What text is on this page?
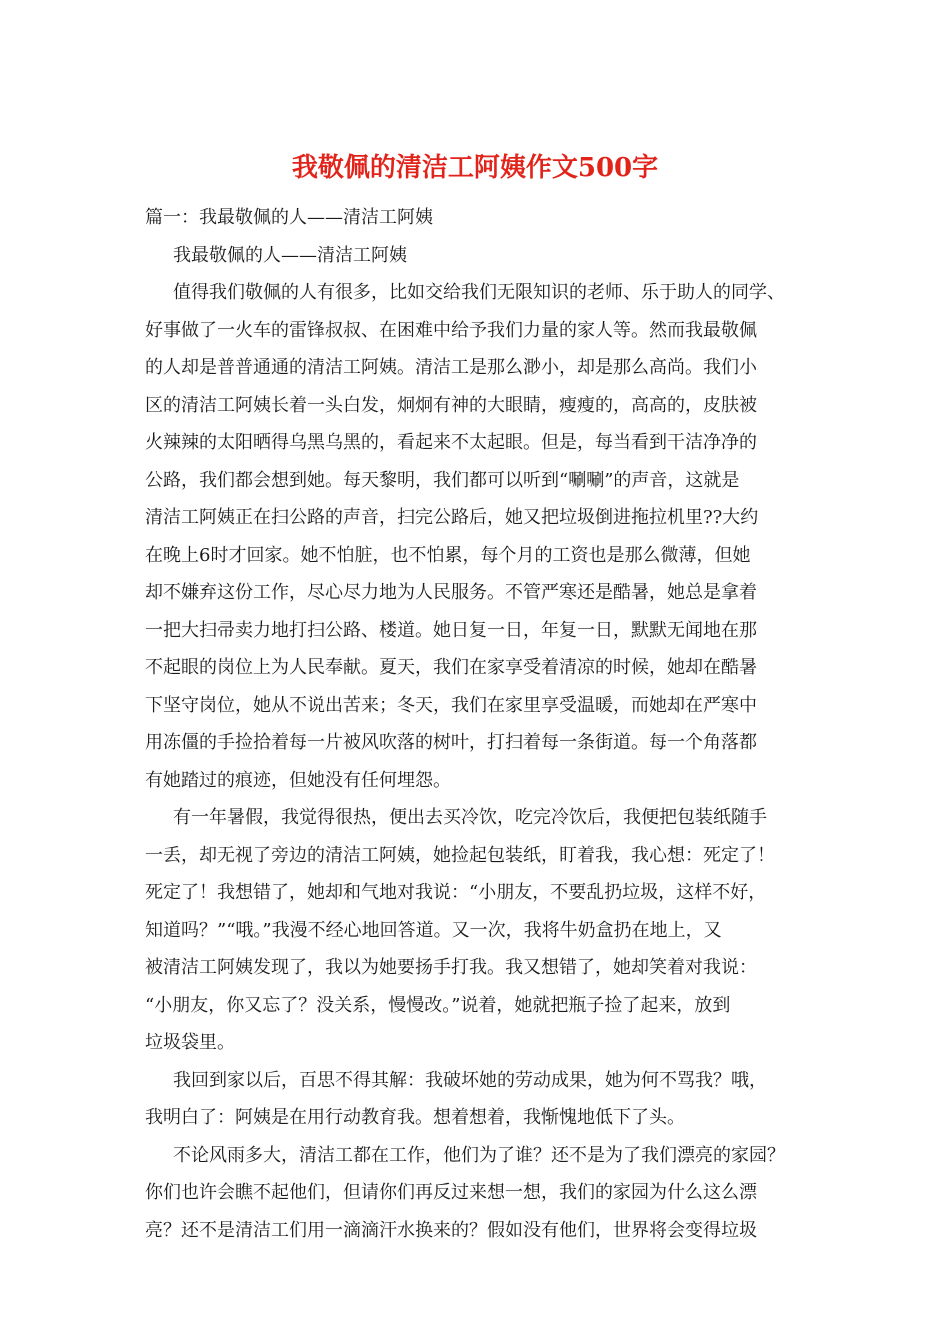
我敬佩的清洁工阿姨作文500字
篇一：我最敬佩的人——清洁工阿姨
我最敬佩的人——清洁工阿姨
值得我们敬佩的人有很多，比如交给我们无限知识的老师、乐于助人的同学、
好事做了一火车的雷锋叔叔、在困难中给予我们力量的家人等。然而我最敬佩
的人却是普普通通的清洁工阿姨。清洁工是那么渺小，却是那么高尚。我们小
区的清洁工阿姨长着一头白发，炯炯有神的大眼睛，瘦瘦的，高高的，皮肤被
火辣辣的太阳晒得乌黑乌黑的，看起来不太起眼。但是，每当看到干洁净净的
公路，我们都会想到她。每天黎明，我们都可以听到“唰唰”的声音，这就是
清洁工阿姨正在扫公路的声音，扫完公路后，她又把垃圾倒进拖拉机里??大约
在晚上6时才回家。她不怕脏，也不怕累，每个月的工资也是那么微薄，但她
却不嫌弃这份工作，尽心尽力地为人民服务。不管严寒还是酷暑，她总是拿着
一把大扫帚卖力地打扫公路、楼道。她日复一日，年复一日，默默无闻地在那
不起眼的岗位上为人民奉献。夏天，我们在家享受着清凉的时候，她却在酷暑
下坚守岗位，她从不说出苦来；冬天，我们在家里享受温暖，而她却在严寒中
用冻僵的手捡拾着每一片被风吹落的树叶，打扫着每一条街道。每一个角落都
有她踏过的痕迹，但她没有任何埋怨。
有一年暑假，我觉得很热，便出去买冷饮，吃完冷饮后，我便把包装纸随手
一丢，却无视了旁边的清洁工阿姨，她捡起包装纸，盯着我，我心想：死定了！
死定了！我想错了，她却和气地对我说：“小朋友，不要乱扔垃圾，这样不好，
知道吗？”“哦。”我漫不经心地回答道。又一次，我将牛奶盒扔在地上，又
被清洁工阿姨发现了，我以为她要扬手打我。我又想错了，她却笑着对我说：
“小朋友，你又忘了？没关系，慢慢改。”说着，她就把瓶子捡了起来，放到
垃圾袋里。
我回到家以后，百思不得其解：我破坏她的劳动成果，她为何不骂我？哦，
我明白了：阿姨是在用行动教育我。想着想着，我惭愧地低下了头。
不论风雨多大，清洁工都在工作，他们为了谁？还不是为了我们漂亮的家园？
你们也许会瞧不起他们，但请你们再反过来想一想，我们的家园为什么这么漂
亮？还不是清洁工们用一滴滴汗水换来的？假如没有他们，世界将会变得垃圾
